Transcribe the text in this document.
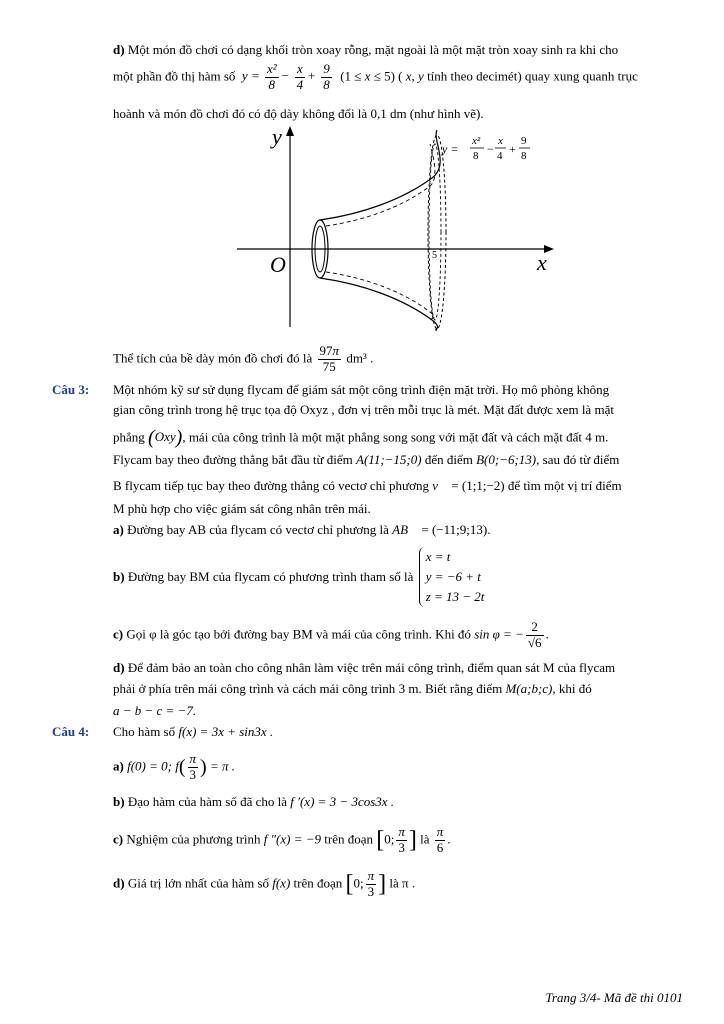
d) Một món đồ chơi có dạng khối tròn xoay rỗng, mặt ngoài là một mặt tròn xoay sinh ra khi cho
một phần đồ thị hàm số  $y = \frac{\text{x²}}{8} - \frac{x}{4} + \frac{9}{8} (1 \le x \le 5)$ ( x, y tính theo decimét) quay xung quanh trục
hoành và món đồ chơi đó có độ dày không đổi là 0,1 dm (như hình vẽ).
y
x
O	5
y =
x²
8 −
x
4 +
9
8
Thể tích của bề dày món đồ chơi đó là $\frac{97\pi}{75} dm^3$ .
Câu 3: Một nhóm kỹ sư sử dụng flycam để giám sát một công trình điện mặt trời. Họ mô phỏng không
gian công trình trong hệ trục tọa độ Oxyz , đơn vị trên mỗi trục là mét. Mặt đất được xem là mặt
phẳng (Oxy), mái của công trình là một mặt phẳng song song với mặt đất và cách mặt đất 4 m.
Flycam bay theo đường thẳng bắt đầu từ điểm A(11;−15;0) đến điểm B(0;−6;13), sau đó từ điểm
B flycam tiếp tục bay theo đường thẳng có vectơ chỉ phương v⃗ = (1;1;−2) để tìm một vị trí điểm
M phù hợp cho việc giám sát công nhân trên mái.
a) Đường bay AB của flycam có vectơ chỉ phương là AB⃗ = (−11;9;13).
b) Đường bay BM của flycam có phương trình tham số là
x = t
y = −6 + t
z = 13 − 2t
c) Gọi φ là góc tạo bởi đường bay BM và mái của công trình. Khi đó sin φ = − $\frac{2}{√6}$ .
d) Để đảm bảo an toàn cho công nhân làm việc trên mái công trình, điểm quan sát M của flycam
phải ở phía trên mái công trình và cách mái công trình 3 m. Biết rằng điểm M(a;b;c), khi đó
a − b − c = −7.
Câu 4: Cho hàm số f(x) = 3x + sin3x .
a) f(0) = 0; $f( \frac{\pi}{3}$ ) = π .
b) Đạo hàm của hàm số đã cho là f ′(x) = 3 − 3cos3x .
c) Nghiệm của phương trình f ″(x) = −9 trên đoạn [0; $\frac{\pi}{3}$ ] là $\frac{\pi}{6}$ .
d) Giá trị lớn nhất của hàm số f(x) trên đoạn [0; $\frac{\pi}{3}$ ] là π .
Trang 3/4- Mã đề thi 0101
